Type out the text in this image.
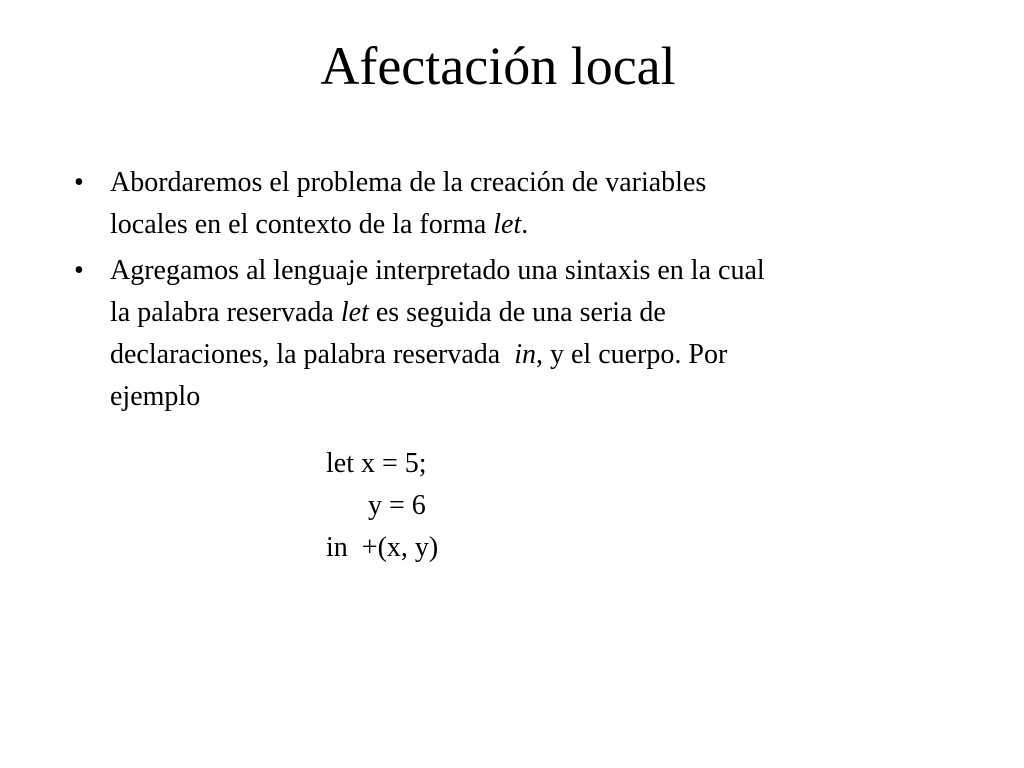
Afectación local
• Abordaremos el problema de la creación de variables
locales en el contexto de la forma let.
• Agregamos al lenguaje interpretado una sintaxis en la cual
la palabra reservada let es seguida de una seria de
declaraciones, la palabra reservada  in, y el cuerpo. Por
ejemplo
let x = 5;
y = 6
in  +(x, y)
